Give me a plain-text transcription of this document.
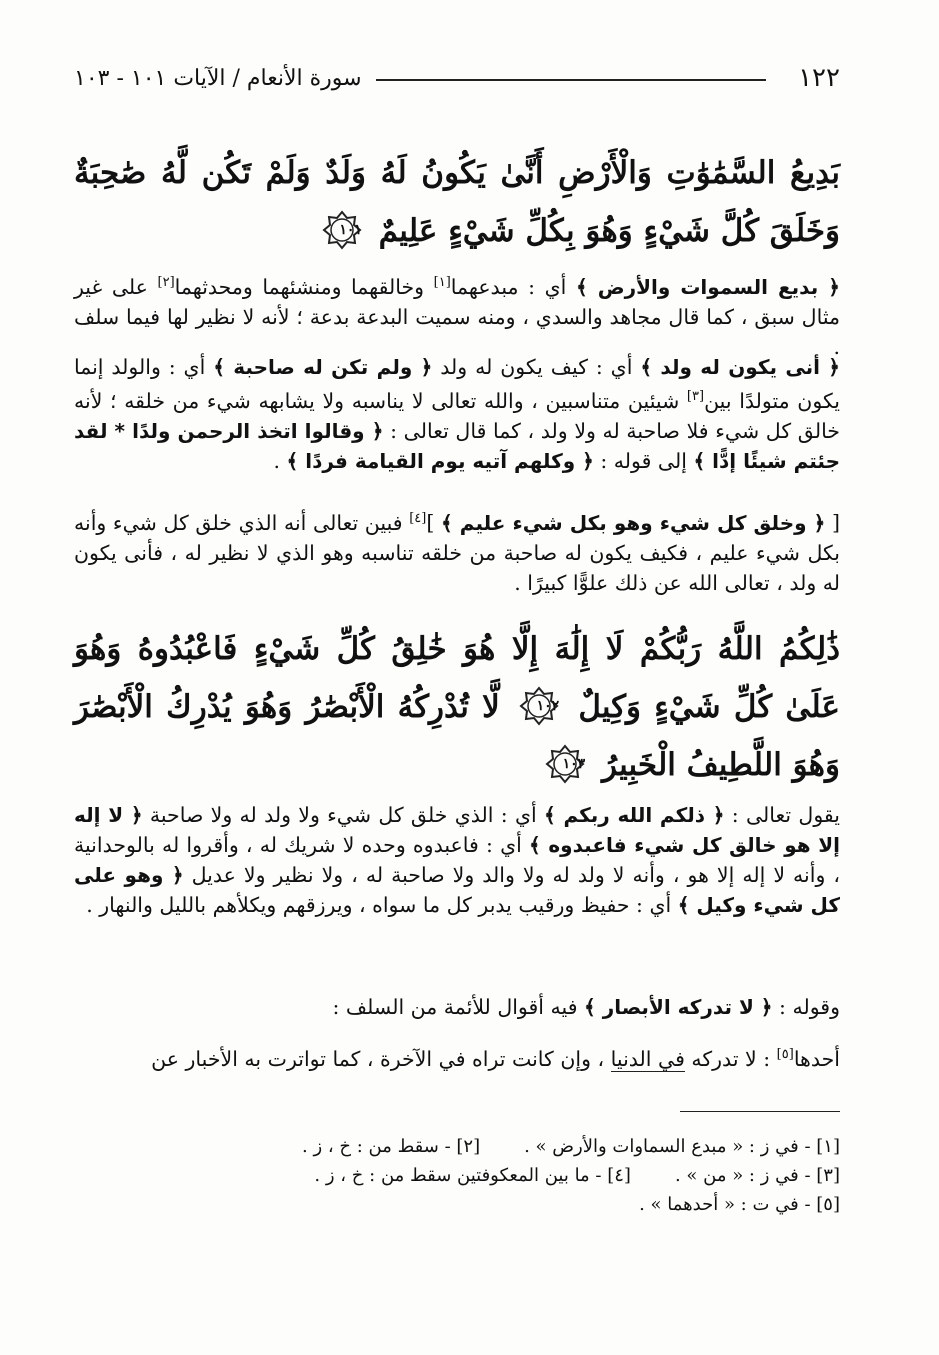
١٢٢
سورة الأنعام / الآيات ١٠١ - ١٠٣
بَدِيعُ السَّمَٰوَٰتِ وَالْأَرْضِ أَنَّىٰ يَكُونُ لَهُ وَلَدٌ وَلَمْ تَكُن لَّهُ صَٰحِبَةٌ وَخَلَقَ كُلَّ شَيْءٍ وَهُوَ بِكُلِّ شَيْءٍ عَلِيمٌ
١٠١
﴿ بديع السموات والأرض ﴾ أي : مبدعهما[١] وخالقهما ومنشئهما ومحدثهما[٢] على غير مثال سبق ، كما قال مجاهد والسدي ، ومنه سميت البدعة بدعة ؛ لأنه لا نظير لها فيما سلف .
﴿ أنى يكون له ولد ﴾ أي : كيف يكون له ولد ﴿ ولم تكن له صاحبة ﴾ أي : والولد إنما يكون متولدًا بين[٣] شيئين متناسبين ، والله تعالى لا يناسبه ولا يشابهه شيء من خلقه ؛ لأنه خالق كل شيء فلا صاحبة له ولا ولد ، كما قال تعالى : ﴿ وقالوا اتخذ الرحمن ولدًا * لقد جئتم شيئًا إدًّا ﴾ إلى قوله : ﴿ وكلهم آتيه يوم القيامة فردًا ﴾ .
[ ﴿ وخلق كل شيء وهو بكل شيء عليم ﴾ ][٤] فبين تعالى أنه الذي خلق كل شيء وأنه بكل شيء عليم ، فكيف يكون له صاحبة من خلقه تناسبه وهو الذي لا نظير له ، فأنى يكون له ولد ، تعالى الله عن ذلك علوًّا كبيرًا .
ذَٰلِكُمُ اللَّهُ رَبُّكُمْ لَا إِلَٰهَ إِلَّا هُوَ خَٰلِقُ كُلِّ شَيْءٍ فَاعْبُدُوهُ وَهُوَ عَلَىٰ كُلِّ شَيْءٍ وَكِيلٌ
١٠٢
لَّا تُدْرِكُهُ الْأَبْصَٰرُ وَهُوَ يُدْرِكُ الْأَبْصَٰرَ وَهُوَ اللَّطِيفُ الْخَبِيرُ
١٠٣
يقول تعالى : ﴿ ذلكم الله ربكم ﴾ أي : الذي خلق كل شيء ولا ولد له ولا صاحبة ﴿ لا إله إلا هو خالق كل شيء فاعبدوه ﴾ أي : فاعبدوه وحده لا شريك له ، وأقروا له بالوحدانية ، وأنه لا إله إلا هو ، وأنه لا ولد له ولا والد ولا صاحبة له ، ولا نظير ولا عديل ﴿ وهو على كل شيء وكيل ﴾ أي : حفيظ ورقيب يدبر كل ما سواه ، ويرزقهم ويكلأهم بالليل والنهار .
وقوله : ﴿ لا تدركه الأبصار ﴾ فيه أقوال للأئمة من السلف :
أحدها[٥] : لا تدركه في الدنيا ، وإن كانت تراه في الآخرة ، كما تواترت به الأخبار عن
[١] - في ز : « مبدع السماوات والأرض » .
[٢] - سقط من : خ ، ز .
[٣] - في ز : « من » .
[٤] - ما بين المعكوفتين سقط من : خ ، ز .
[٥] - في ت : « أحدهما » .
